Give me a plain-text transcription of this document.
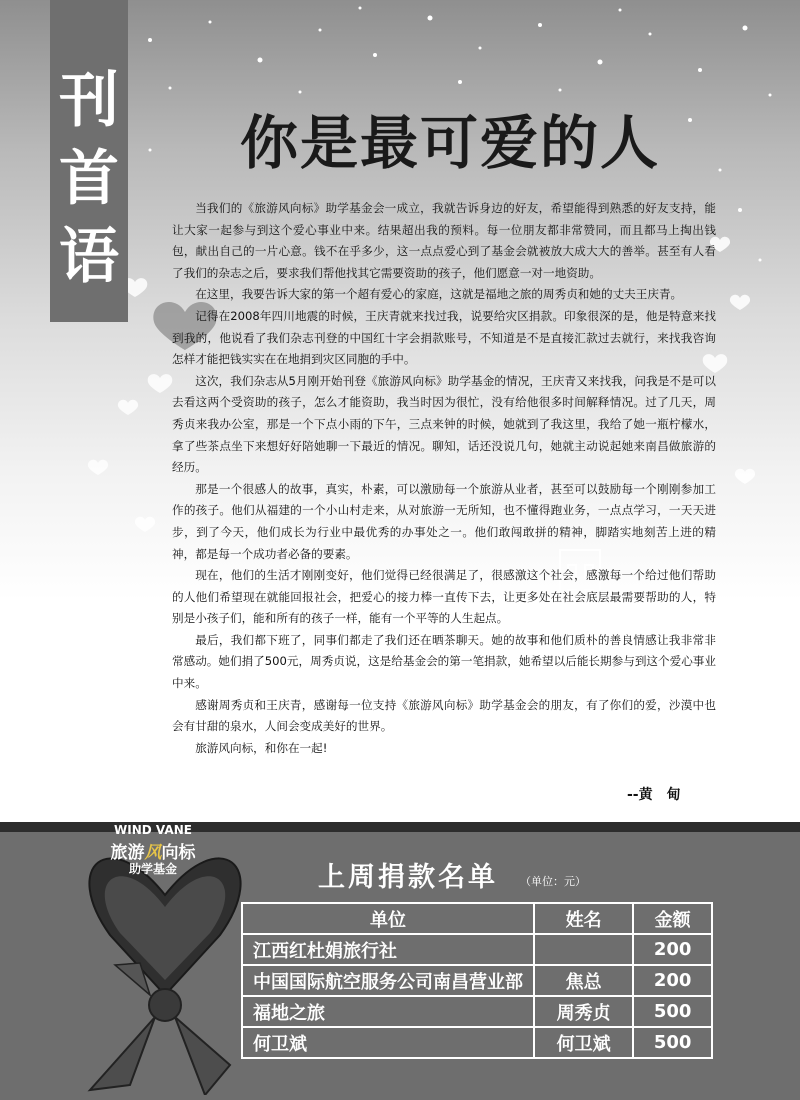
刊
首
语
你是最可爱的人

当我们的《旅游风向标》助学基金会一成立，我就告诉身边的好友，希望能得到熟悉的好友支持，能让大家一起参与到这个爱心事业中来。结果超出我的预料。每一位朋友都非常赞同，而且都马上掏出钱包，献出自己的一片心意。钱不在乎多少，这一点点爱心到了基金会就被放大成大大的善举。甚至有人看了我们的杂志之后，要求我们帮他找其它需要资助的孩子，他们愿意一对一地资助。

在这里，我要告诉大家的第一个超有爱心的家庭，这就是福地之旅的周秀贞和她的丈夫王庆青。

记得在2008年四川地震的时候，王庆青就来找过我，说要给灾区捐款。印象很深的是，他是特意来找到我的，他说看了我们杂志刊登的中国红十字会捐款账号，不知道是不是直接汇款过去就行，来找我咨询怎样才能把钱实实在在地捐到灾区同胞的手中。

这次，我们杂志从5月刚开始刊登《旅游风向标》助学基金的情况，王庆青又来找我，问我是不是可以去看这两个受资助的孩子，怎么才能资助，我当时因为很忙，没有给他很多时间解释情况。过了几天，周秀贞来我办公室，那是一个下点小雨的下午，三点来钟的时候，她就到了我这里，我给了她一瓶柠檬水，拿了些茶点坐下来想好好陪她聊一下最近的情况。聊知，话还没说几句，她就主动说起她来南昌做旅游的经历。

那是一个很感人的故事，真实，朴素，可以激励每一个旅游从业者，甚至可以鼓励每一个刚刚参加工作的孩子。他们从福建的一个小山村走来，从对旅游一无所知，也不懂得跑业务，一点点学习，一天天进步，到了今天，他们成长为行业中最优秀的办事处之一。他们敢闯敢拼的精神，脚踏实地刻苦上进的精神，都是每一个成功者必备的要素。

现在，他们的生活才刚刚变好，他们觉得已经很满足了，很感激这个社会，感激每一个给过他们帮助的人他们希望现在就能回报社会，把爱心的接力棒一直传下去，让更多处在社会底层最需要帮助的人，特别是小孩子们，能和所有的孩子一样，能有一个平等的人生起点。

最后，我们都下班了，同事们都走了我们还在晒茶聊天。她的故事和他们质朴的善良情感让我非常非常感动。她们捐了500元，周秀贞说，这是给基金会的第一笔捐款，她希望以后能长期参与到这个爱心事业中来。

感谢周秀贞和王庆青，感谢每一位支持《旅游风向标》助学基金会的朋友，有了你们的爱，沙漠中也会有甘甜的泉水，人间会变成美好的世界。

旅游风向标，和你在一起!

--黄　甸
WIND VANE
旅游风向标
助学基金	上周捐款名单 （单位：元）
单位	姓名	金额
江西红杜娟旅行社		200
中国国际航空服务公司南昌营业部	焦总	200
福地之旅	周秀贞	500
何卫斌	何卫斌	500
